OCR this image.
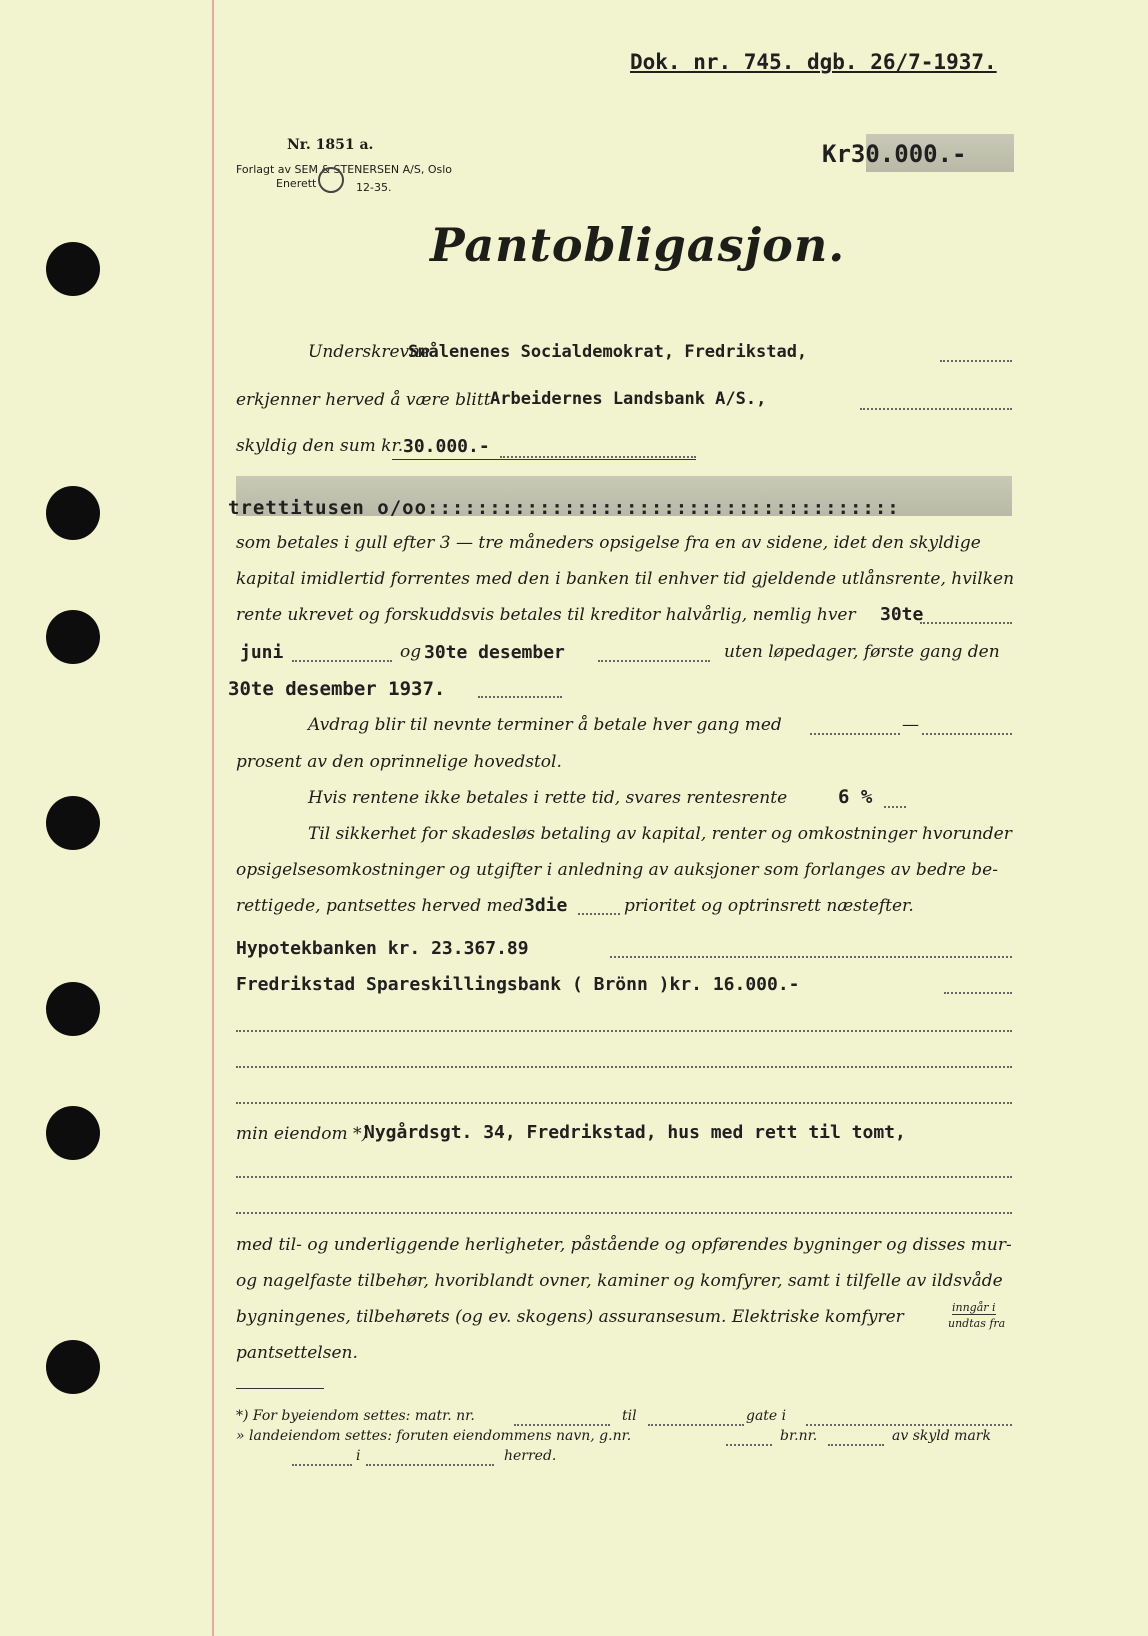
Dok. nr. 745. dgb. 26/7-1937.
Nr. 1851 a.
Forlagt av SEM & STENERSEN A/S, Oslo
Enerett	12-35.
Kr30.000.-
Pantobligasjon.
Underskrevne
Smålenenes Socialdemokrat, Fredrikstad,
erkjenner herved å være blitt Arbeidernes Landsbank A/S.,
skyldig den sum kr. 30.000.-
trettitusen o/oo::::::::::::::::::::::::::::::::::::::
som betales i gull efter 3 — tre måneders opsigelse fra en av sidene, idet den skyldige
kapital imidlertid forrentes med den i banken til enhver tid gjeldende utlånsrente, hvilken
rente ukrevet og forskuddsvis betales til kreditor halvårlig, nemlig hver 30te
juni	og 30te desember	uten løpedager, første gang den
30te desember 1937.
Avdrag blir til nevnte terminer å betale hver gang med	—
prosent av den oprinnelige hovedstol.
Hvis rentene ikke betales i rette tid, svares rentesrente	6 %
Til sikkerhet for skadesløs betaling av kapital, renter og omkostninger hvorunder
opsigelsesomkostninger og utgifter i anledning av auksjoner som forlanges av bedre be-
rettigede, pantsettes herved med 3die	prioritet og optrinsrett næstefter.
Hypotekbanken kr. 23.367.89
Fredrikstad Spareskillingsbank ( Brönn )kr. 16.000.-
min eiendom *)
Nygårdsgt. 34, Fredrikstad, hus med rett til tomt,
med til- og underliggende herligheter, påstående og opførendes bygninger og disses mur-
og nagelfaste tilbehør, hvoriblandt ovner, kaminer og komfyrer, samt i tilfelle av ildsvåde
bygningenes, tilbehørets (og ev. skogens) assuransesum. Elektriske komfyrer	inngår i
undtas fra
pantsettelsen.
*) For byeiendom settes: matr. nr.	til	gate i
» landeiendom settes: foruten eiendommens navn, g.nr.	br.nr.	av skyld mark
i	herred.
